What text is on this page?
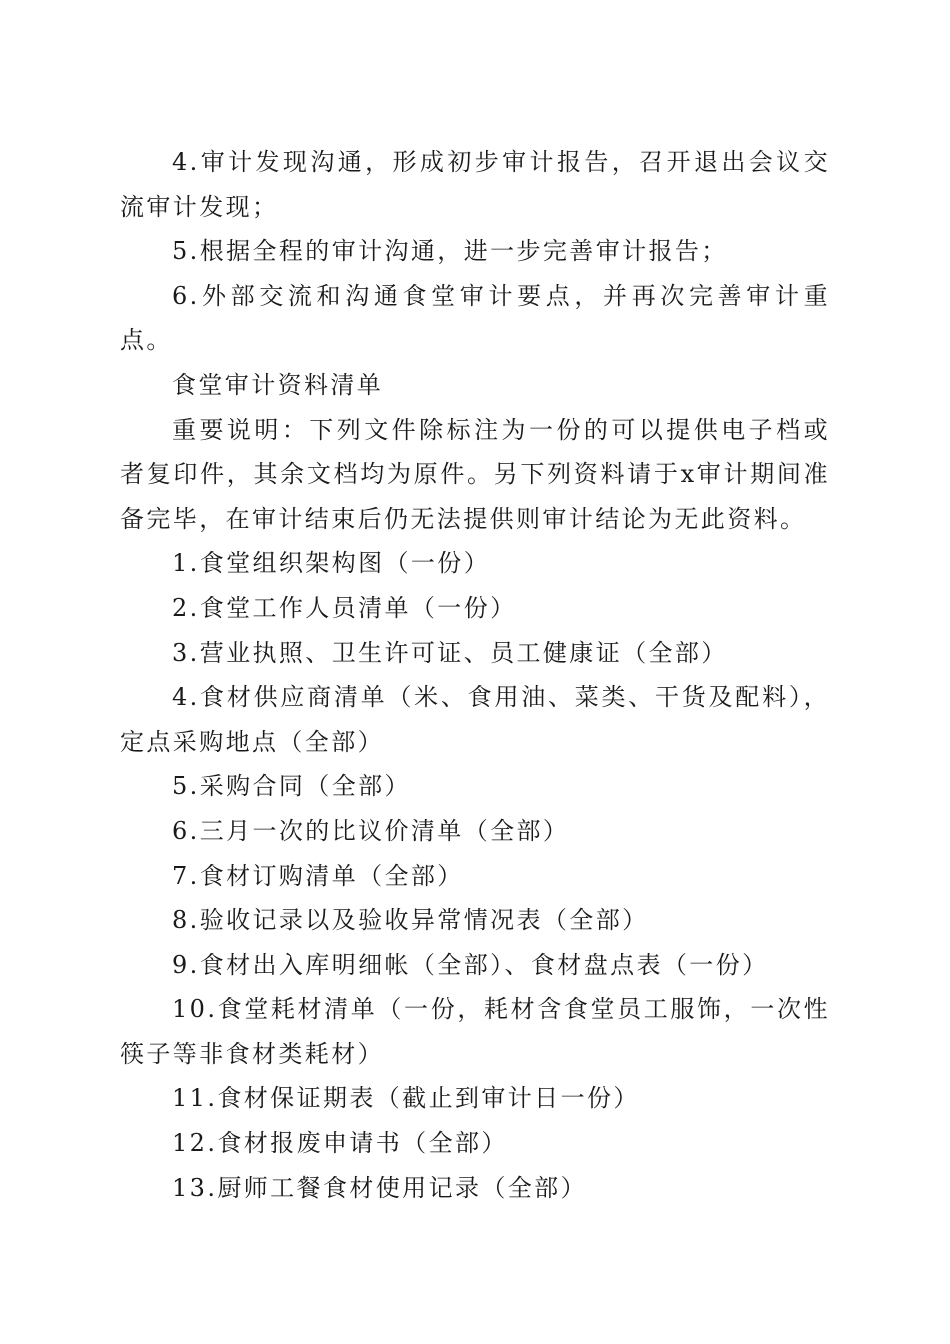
4.审计发现沟通，形成初步审计报告，召开退出会议交流审计发现；

5.根据全程的审计沟通，进一步完善审计报告；

6.外部交流和沟通食堂审计要点，并再次完善审计重点。

食堂审计资料清单

重要说明：下列文件除标注为一份的可以提供电子档或者复印件，其余文档均为原件。另下列资料请于x审计期间准备完毕，在审计结束后仍无法提供则审计结论为无此资料。

1.食堂组织架构图（一份）

2.食堂工作人员清单（一份）

3.营业执照、卫生许可证、员工健康证（全部）

4.食材供应商清单（米、食用油、菜类、干货及配料），定点采购地点（全部）

5.采购合同（全部）

6.三月一次的比议价清单（全部）

7.食材订购清单（全部）

8.验收记录以及验收异常情况表（全部）

9.食材出入库明细帐（全部）、食材盘点表（一份）

10.食堂耗材清单（一份，耗材含食堂员工服饰，一次性筷子等非食材类耗材）

11.食材保证期表（截止到审计日一份）

12.食材报废申请书（全部）

13.厨师工餐食材使用记录（全部）
